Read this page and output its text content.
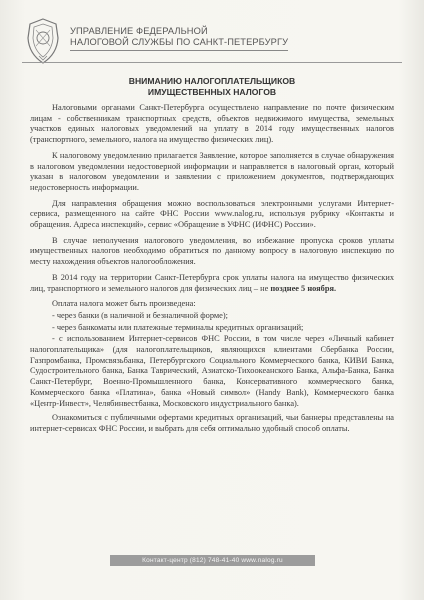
УПРАВЛЕНИЕ ФЕДЕРАЛЬНОЙ
НАЛОГОВОЙ СЛУЖБЫ ПО САНКТ-ПЕТЕРБУРГУ
ВНИМАНИЮ НАЛОГОПЛАТЕЛЬЩИКОВ
ИМУЩЕСТВЕННЫХ НАЛОГОВ

Налоговыми органами Санкт-Петербурга осуществлено направление по почте физическим лицам - собственникам транспортных средств, объектов недвижимого имущества, земельных участков единых налоговых уведомлений на уплату в 2014 году имущественных налогов (транспортного, земельного, налога на имущество физических лиц).

К налоговому уведомлению прилагается Заявление, которое заполняется в случае обнаружения в налоговом уведомлении недостоверной информации и направляется в налоговый орган, который указан в налоговом уведомлении и заявлении с приложением документов, подтверждающих недостоверность информации.

Для направления обращения можно воспользоваться электронными услугами Интернет-сервиса, размещенного на сайте ФНС России www.nalog.ru, используя рубрику «Контакты и обращения. Адреса инспекций», сервис «Обращение в УФНС (ИФНС) России».

В случае неполучения налогового уведомления, во избежание пропуска сроков уплаты имущественных налогов необходимо обратиться по данному вопросу в налоговую инспекцию по месту нахождения объектов налогообложения.

В 2014 году на территории Санкт-Петербурга срок уплаты налога на имущество физических лиц, транспортного и земельного налогов для физических лиц – не позднее 5 ноября.

Оплата налога может быть произведена:

- через банки (в наличной и безналичной форме);

- через банкоматы или платежные терминалы кредитных организаций;

- с использованием Интернет-сервисов ФНС России, в том числе через «Личный кабинет налогоплательщика» (для налогоплательщиков, являющихся клиентами Сбербанка России, Газпромбанка, Промсвязьбанка, Петербургского Социального Коммерческого банка, КИВИ Банка, Судостроительного банка, Банка Таврический, Азиатско-Тихоокеанского Банка, Альфа-Банка, Банка Санкт-Петербург, Военно-Промышленного банка, Консервативного коммерческого банка, Коммерческого банка «Платина», банка «Новый символ» (Handy Bank), Коммерческого банка «Центр-Инвест», Челябинвестбанка, Московского индустриального банка).

Ознакомиться с публичными офертами кредитных организаций, чьи баннеры представлены на интернет-сервисах ФНС России, и выбрать для себя оптимально удобный способ оплаты.

Контакт-центр (812) 748-41-40 www.nalog.ru
